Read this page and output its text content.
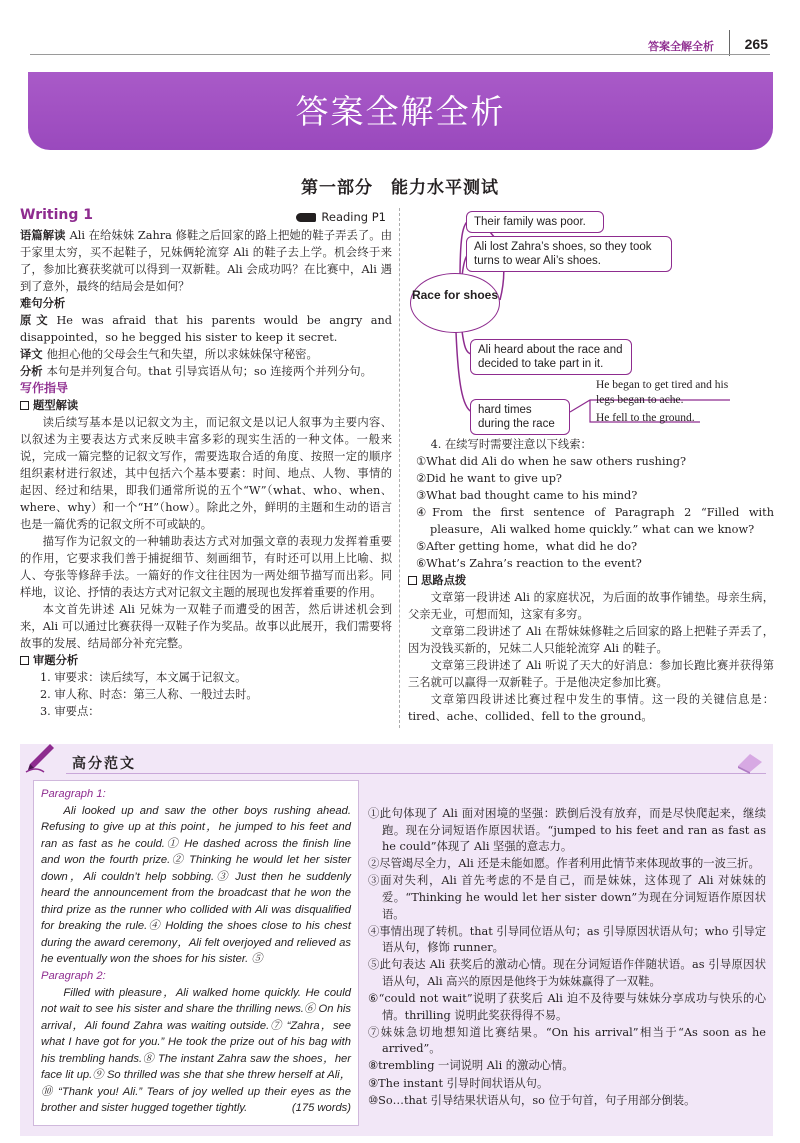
答案全解全析 265
答案全解全析
第一部分　能力水平测试
Writing 1	Reading P1

语篇解读 Ali 在给妹妹 Zahra 修鞋之后回家的路上把她的鞋子弄丢了。由于家里太穷，买不起鞋子，兄妹俩轮流穿 Ali 的鞋子去上学。机会终于来了，参加比赛获奖就可以得到一双新鞋。Ali 会成功吗？在比赛中，Ali 遇到了意外，最终的结局会是如何？

难句分析

原文 He was afraid that his parents would be angry and disappointed，so he begged his sister to keep it secret.

译文 他担心他的父母会生气和失望，所以求妹妹保守秘密。

分析 本句是并列复合句。that 引导宾语从句；so 连接两个并列分句。

写作指导

题型解读

读后续写基本是以记叙文为主，而记叙文是以记人叙事为主要内容、以叙述为主要表达方式来反映丰富多彩的现实生活的一种文体。一般来说，完成一篇完整的记叙文写作，需要选取合适的角度、按照一定的顺序组织素材进行叙述，其中包括六个基本要素：时间、地点、人物、事情的起因、经过和结果，即我们通常所说的五个“W”（what、who、when、where、why）和一个“H”（how）。除此之外，鲜明的主题和生动的语言也是一篇优秀的记叙文所不可或缺的。

描写作为记叙文的一种辅助表达方式对加强文章的表现力发挥着重要的作用，它要求我们善于捕捉细节、刻画细节，有时还可以用上比喻、拟人、夸张等修辞手法。一篇好的作文往往因为一两处细节描写而出彩。同样地，议论、抒情的表达方式对记叙文主题的展现也发挥着重要的作用。

本文首先讲述 Ali 兄妹为一双鞋子而遭受的困苦，然后讲述机会到来，Ali 可以通过比赛获得一双鞋子作为奖品。故事以此展开，我们需要将故事的发展、结局部分补充完整。

审题分析

1. 审要求：读后续写，本文属于记叙文。

2. 审人称、时态：第三人称、一般过去时。

3. 审要点：

Their family was poor.
Ali lost Zahra’s shoes, so they took turns to wear Ali’s shoes.
Race for shoes
Ali heard about the race and decided to take part in it.
hard times during the race
He began to get tired and his legs began to ache.
He fell to the ground.

4. 在续写时需要注意以下线索：

①What did Ali do when he saw others rushing?

②Did he want to give up?

③What bad thought came to his mind?

④From the first sentence of Paragraph 2 “Filled with pleasure，Ali walked home quickly.” what can we know?

⑤After getting home，what did he do?

⑥What’s Zahra’s reaction to the event?

思路点拨

文章第一段讲述 Ali 的家庭状况，为后面的故事作铺垫。母亲生病，父亲无业，可想而知，这家有多穷。

文章第二段讲述了 Ali 在帮妹妹修鞋之后回家的路上把鞋子弄丢了，因为没钱买新的，兄妹二人只能轮流穿 Ali 的鞋子。

文章第三段讲述了 Ali 听说了天大的好消息：参加长跑比赛并获得第三名就可以赢得一双新鞋子。于是他决定参加比赛。

文章第四段讲述比赛过程中发生的事情。这一段的关键信息是：tired、ache、collided、fell to the ground。

高分范文

Paragraph 1:

Ali looked up and saw the other boys rushing ahead. Refusing to give up at this point，he jumped to his feet and ran as fast as he could.① He dashed across the finish line and won the fourth prize.② Thinking he would let her sister down，Ali couldn’t help sobbing.③ Just then he suddenly heard the announcement from the broadcast that he won the third prize as the runner who collided with Ali was disqualified for breaking the rule.④ Holding the shoes close to his chest during the award ceremony，Ali felt overjoyed and relieved as he eventually won the shoes for his sister. ⑤

Paragraph 2:

Filled with pleasure，Ali walked home quickly. He could not wait to see his sister and share the thrilling news.⑥ On his arrival，Ali found Zahra was waiting outside.⑦ “Zahra，see what I have got for you.” He took the prize out of his bag with his trembling hands.⑧ The instant Zahra saw the shoes，her face lit up.⑨ So thrilled was she that she threw herself at Ali，⑩ “Thank you! Ali.” Tears of joy welled up their eyes as the brother and sister hugged together tightly.	(175 words)

①此句体现了 Ali 面对困境的坚强：跌倒后没有放弃，而是尽快爬起来，继续跑。现在分词短语作原因状语。“jumped to his feet and ran as fast as he could”体现了 Ali 坚强的意志力。

②尽管竭尽全力，Ali 还是未能如愿。作者利用此情节来体现故事的一波三折。

③面对失利，Ali 首先考虑的不是自己，而是妹妹，这体现了 Ali 对妹妹的爱。“Thinking he would let her sister down”为现在分词短语作原因状语。

④事情出现了转机。that 引导同位语从句；as 引导原因状语从句；who 引导定语从句，修饰 runner。

⑤此句表达 Ali 获奖后的激动心情。现在分词短语作伴随状语。as 引导原因状语从句，Ali 高兴的原因是他终于为妹妹赢得了一双鞋。

⑥“could not wait”说明了获奖后 Ali 迫不及待要与妹妹分享成功与快乐的心情。thrilling 说明此奖获得得不易。

⑦妹妹急切地想知道比赛结果。“On his arrival”相当于“As soon as he arrived”。

⑧trembling 一词说明 Ali 的激动心情。

⑨The instant 引导时间状语从句。

⑩So…that 引导结果状语从句，so 位于句首，句子用部分倒装。
